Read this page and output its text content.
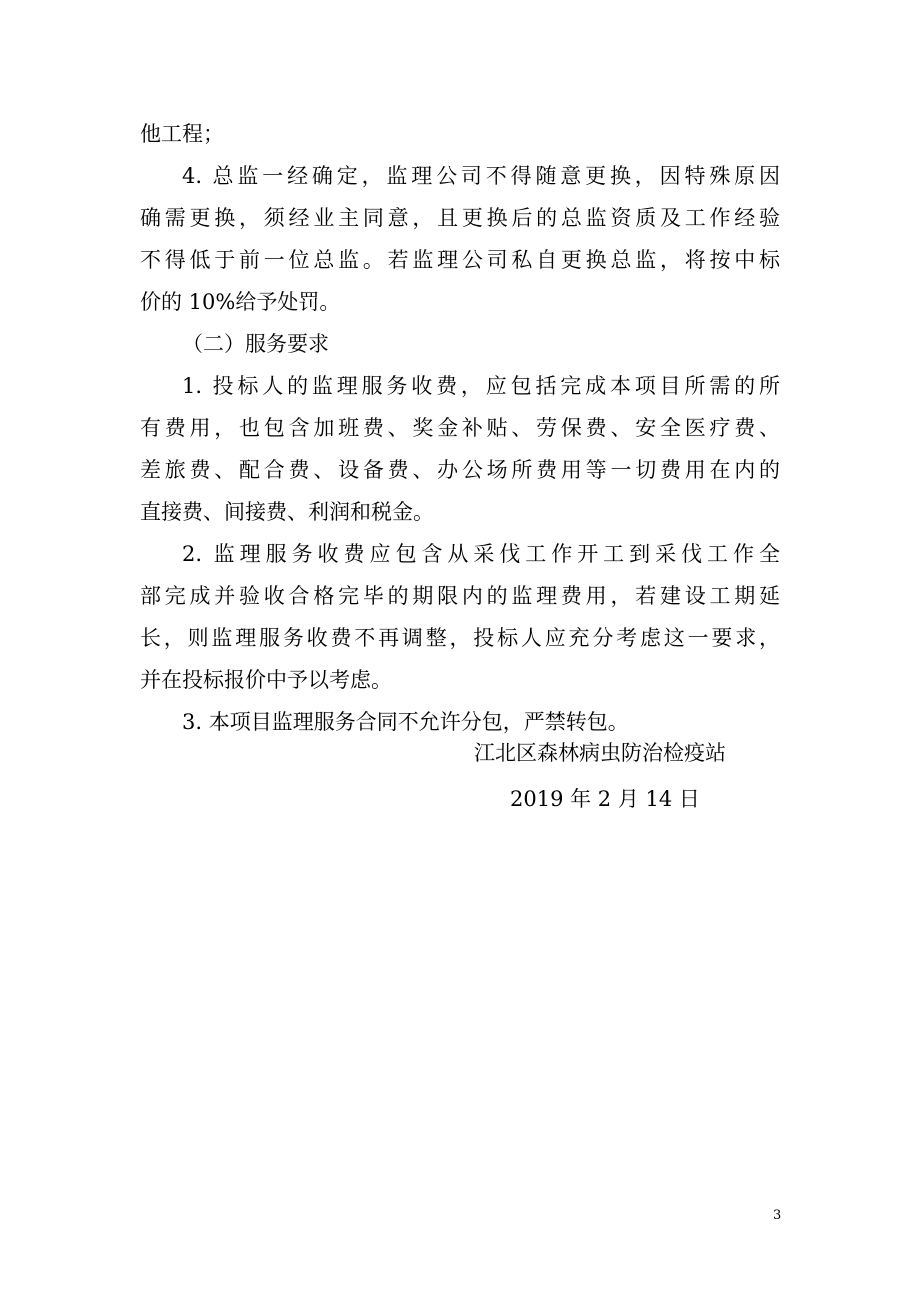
他工程；
4. 总监一经确定，监理公司不得随意更换，因特殊原因
确需更换，须经业主同意，且更换后的总监资质及工作经验
不得低于前一位总监。若监理公司私自更换总监，将按中标
价的 10%给予处罚。
（二）服务要求
1. 投标人的监理服务收费，应包括完成本项目所需的所
有费用，也包含加班费、奖金补贴、劳保费、安全医疗费、
差旅费、配合费、设备费、办公场所费用等一切费用在内的
直接费、间接费、利润和税金。
2. 监理服务收费应包含从采伐工作开工到采伐工作全
部完成并验收合格完毕的期限内的监理费用，若建设工期延
长，则监理服务收费不再调整，投标人应充分考虑这一要求，
并在投标报价中予以考虑。
3. 本项目监理服务合同不允许分包，严禁转包。
江北区森林病虫防治检疫站
2019 年 2 月 14 日
3
